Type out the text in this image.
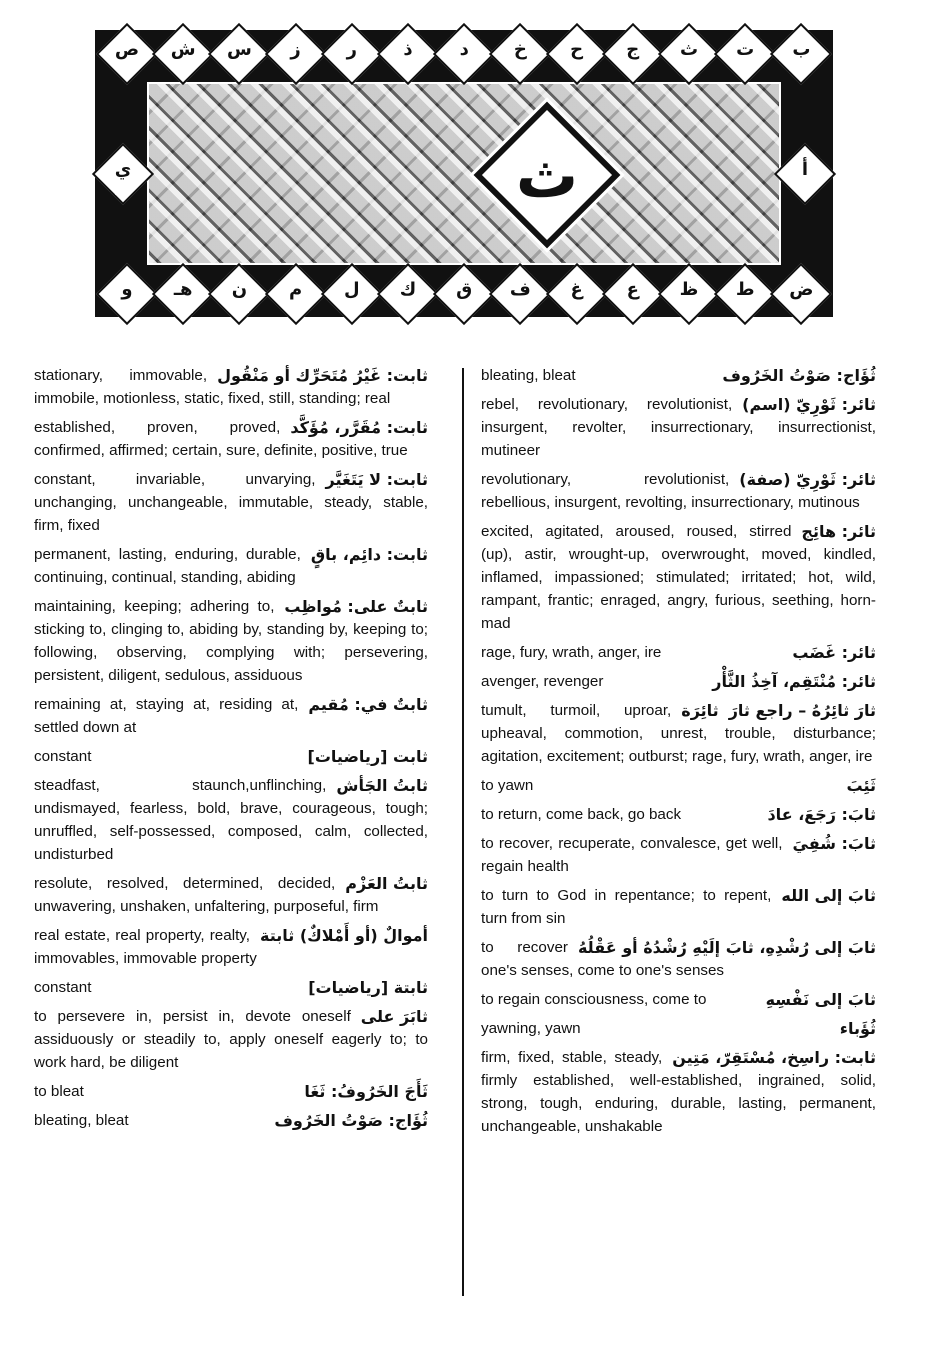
ث
ص
٦٨٣
ش
٦٥٦
س
٦١٥
ز
٦٠١
ر
٥٩٧
ذ
٥٥٩
د
٥٣٠
خ
٤٩٨
ح
٤٤٢
ج
٤٠٥
ث
٣٩١
ت
٢٥٨
ب
٢١٧
و
١٢١٦
هـ
١١٩٨
ن
١١٤٨
م
٩٣٧
ل
٩٠٨
ك
٨٨١
ق
٨٤٠
ف
٨٠٩
غ
٧٩١
ع
٧٤٠
ظ
٧٣٦
ط
٧١٦
ض
٧٠٦
ي
١٢٥٠
أ
١٧
ثابت: غَيْرُ مُتَحَرِّك أو مَنْقُول
stationary, immovable, immobile, motionless, static, fixed, still, standing; real
ثابت: مُقَرَّر، مُؤَكَّد
established, proven, proved, confirmed, affirmed; certain, sure, definite, positive, true
ثابت: لا يَتَغَيَّر
constant, invariable, unvarying, unchanging, unchangeable, immutable, steady, stable, firm, fixed
ثابت: دائِم، باقٍ
permanent, lasting, enduring, durable, continuing, continual, standing, abiding
ثابتٌ على: مُواظِب
maintaining, keeping; adhering to, sticking to, clinging to, abiding by, standing by, keeping to; following, observing, complying with; persevering, persistent, diligent, sedulous, assiduous
ثابتٌ في: مُقيم
remaining at, staying at, residing at, settled down at
ثابت [رياضيات]
constant
ثابتُ الجَأش
steadfast, staunch,unflinching, undismayed, fearless, bold, brave, courageous, tough; unruffled, self-possessed, composed, calm, collected, undisturbed
ثابتُ العَزْم
resolute, resolved, determined, decided, unwavering, unshaken, unfaltering, purposeful, firm
أموالٌ (أو أَمْلاكٌ) ثابتة
real estate, real property, realty, immovables, immovable property
ثابتة [رياضيات]
constant
ثابَرَ على
to persevere in, persist in, devote oneself assiduously or steadily to, apply oneself eagerly to; to work hard, be diligent
ثَأَجَ الخَرُوفُ: ثَغَا
to bleat
ثُؤَاج: صَوْتُ الخَرُوف
bleating, bleat
ثُؤَاج: صَوْتُ الخَرُوف
bleating, bleat
ثائر: ثَوْرِيّ (اسم)
rebel, revolutionary, revolutionist, insurgent, revolter, insurrectionary, insurrectionist, mutineer
ثائر: ثَوْرِيّ (صفة)
revolutionary, revolutionist, rebellious, insurgent, revolting, insurrectionary, mutinous
ثائر: هائِج
excited, agitated, aroused, roused, stirred (up), astir, wrought-up, overwrought, moved, kindled, inflamed, impassioned; stimulated; irritated; hot, wild, rampant, frantic; enraged, angry, furious, seething, horn-mad
ثائر: غَضَب
rage, fury, wrath, anger, ire
ثائر: مُنْتَقِم، آخِذُ الثَّأْر
avenger, revenger
ثارَ ثائِرُهُ – راجع ثارَ
ثائِرَة
tumult, turmoil, uproar, upheaval, commotion, unrest, trouble, disturbance; agitation, excitement; outburst; rage, fury, wrath, anger, ire
ثَئِبَ
to yawn
ثابَ: رَجَعَ، عادَ
to return, come back, go back
ثابَ: شُفِيَ
to recover, recuperate, convalesce, get well, regain health
ثابَ إلى الله
to turn to God in repentance; to repent, turn from sin
ثابَ إلى رُشْدِهِ، ثابَ إلَيْهِ رُشْدُهُ أو عَقْلُهُ
to recover one's senses, come to one's senses
ثابَ إلى نَفْسِهِ
to regain consciousness, come to
ثُؤَباء
yawning, yawn
ثابت: راسِخ، مُسْتَقِرّ، مَتِين
firm, fixed, stable, steady, firmly established, well-established, ingrained, solid, strong, tough, enduring, durable, lasting, permanent, unchangeable, unshakable
